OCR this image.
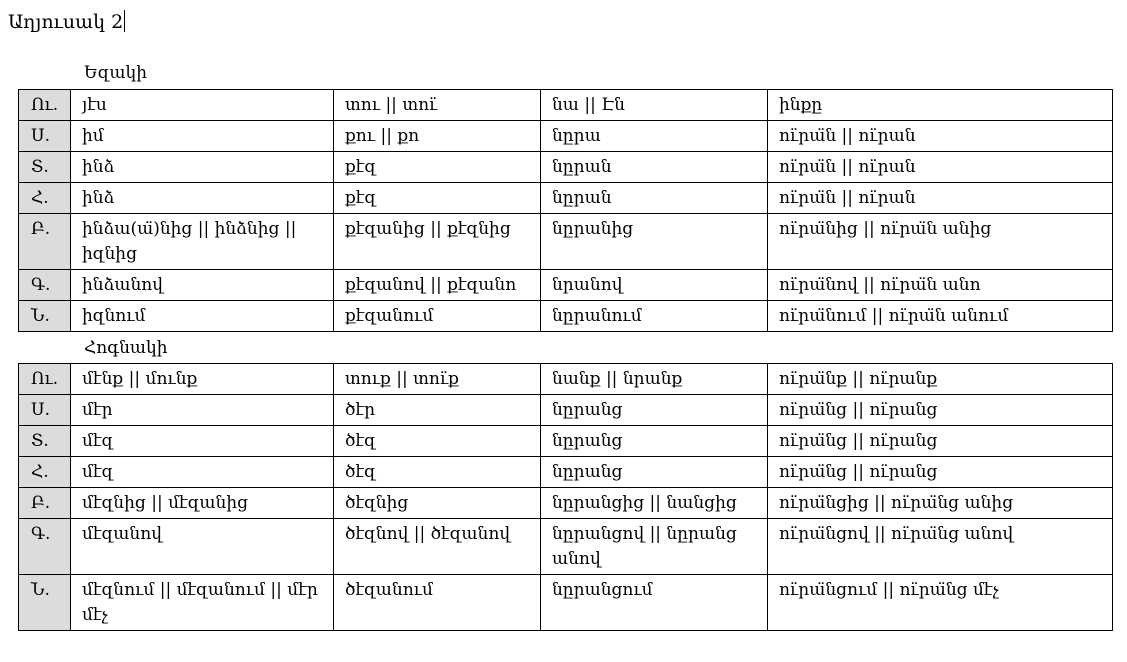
Աղյուսակ 2
Եզակի
Ու.	յէս	տու || տու̈	նա || Էն	ինքը
Ս.	իմ	քու || քո	նըրա	ու̈րա̈ն || ու̈րան
Տ.	ինձ	քէզ	նըրան	ու̈րա̈ն || ու̈րան
Հ.	ինձ	քէզ	նըրան	ու̈րա̈ն || ու̈րան
Բ.	ինձա(ա̈)նից || ինձնից || իզնից	քէզանից || քէզնից	նըրանից	ու̈րա̈նից || ու̈րա̈ն անից
Գ.	ինձանով	քէզանով || քէզանո	նրանով	ու̈րա̈նով || ու̈րա̈ն անո
Ն.	իզնում	քէզանում	նըրանում	ու̈րա̈նում || ու̈րա̈ն անում
Հոգնակի
Ու.	մէնք || մունք	տուք || տու̈ք	նանք || նրանք	ու̈րա̈նք || ու̈րանք
Ս.	մէր	ծէր	նըրանց	ու̈րա̈նց || ու̈րանց
Տ.	մէզ	ծէզ	նըրանց	ու̈րա̈նց || ու̈րանց
Հ.	մէզ	ծէզ	նըրանց	ու̈րա̈նց || ու̈րանց
Բ.	մէզնից || մէզանից	ծէզնից	նըրանցից || նանցից	ու̈րա̈նցից || ու̈րա̈նց անից
Գ.	մէզանով	ծէզնով || ծէզանով	նըրանցով || նըրանց անով	ու̈րա̈նցով || ու̈րա̈նց անով
Ն.	մէզնում || մէզանում || մէր մէչ	ծէզանում	նըրանցում	ու̈րա̈նցում || ու̈րա̈նց մէչ
